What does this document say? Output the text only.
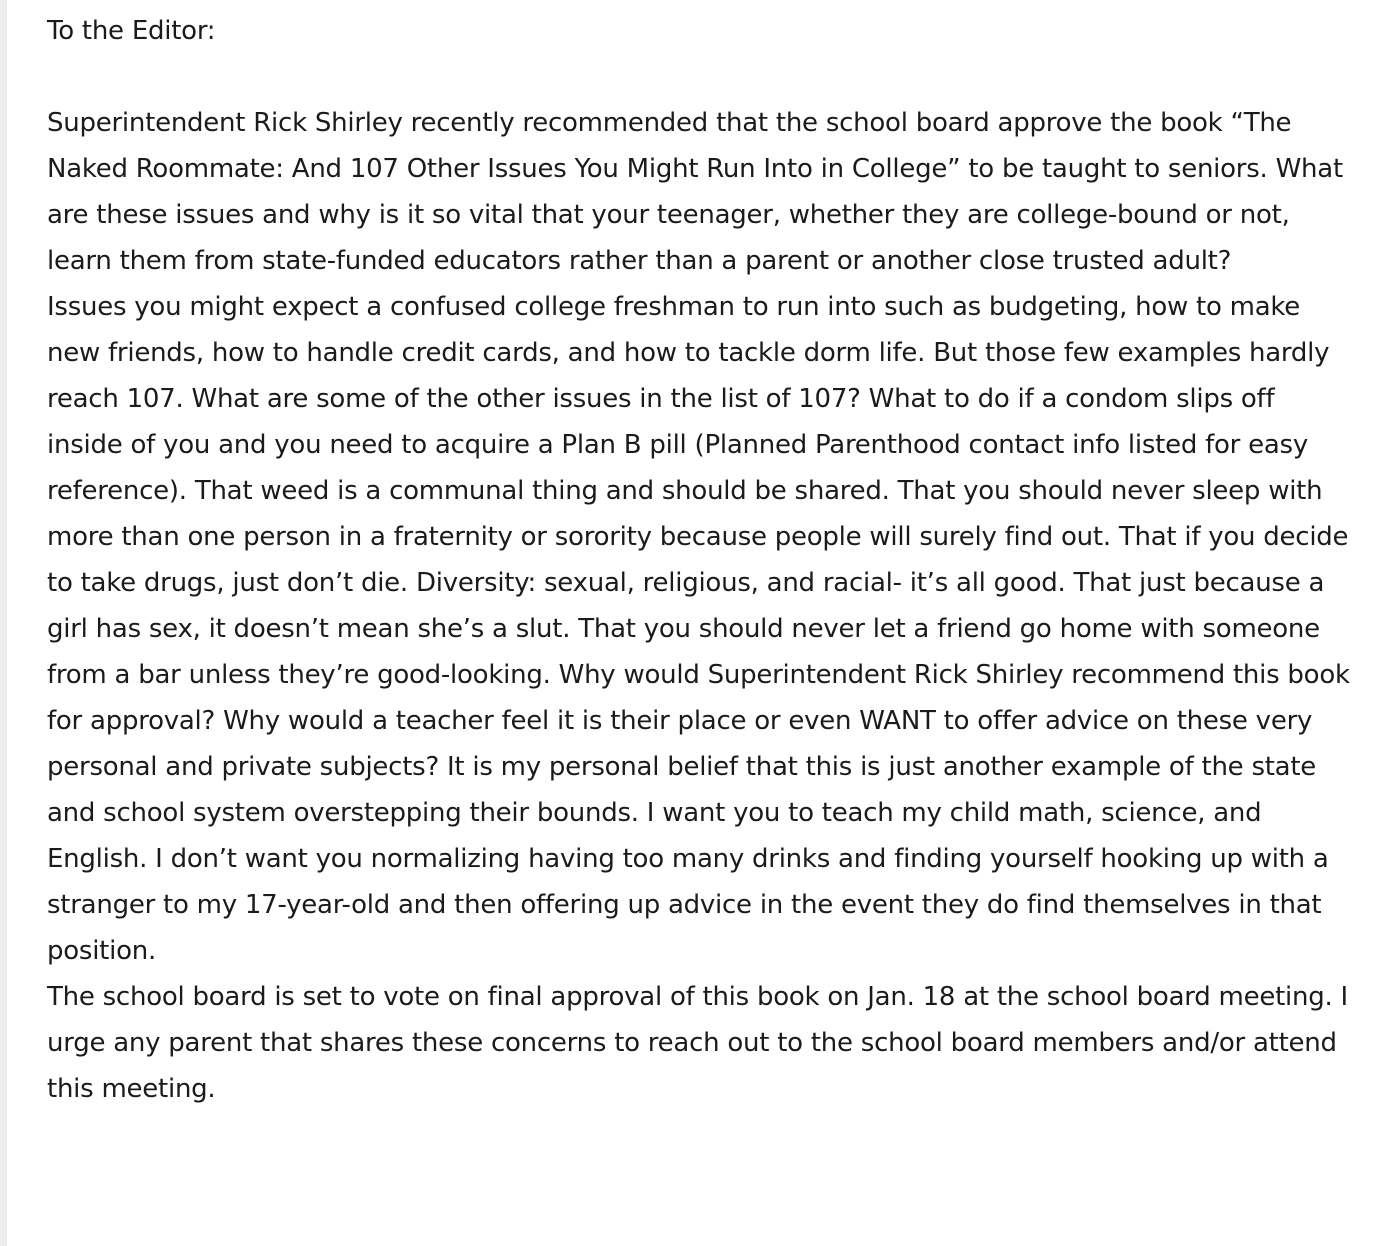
To the Editor:

Superintendent Rick Shirley recently recommended that the school board approve the book “The Naked Roommate: And 107 Other Issues You Might Run Into in College” to be taught to seniors. What are these issues and why is it so vital that your teenager, whether they are college-bound or not, learn them from state-funded educators rather than a parent or another close trusted adult?

Issues you might expect a confused college freshman to run into such as budgeting, how to make new friends, how to handle credit cards, and how to tackle dorm life. But those few examples hardly reach 107. What are some of the other issues in the list of 107? What to do if a condom slips off inside of you and you need to acquire a Plan B pill (Planned Parenthood contact info listed for easy reference). That weed is a communal thing and should be shared. That you should never sleep with more than one person in a fraternity or sorority because people will surely find out. That if you decide to take drugs, just don’t die. Diversity: sexual, religious, and racial- it’s all good. That just because a girl has sex, it doesn’t mean she’s a slut. That you should never let a friend go home with someone from a bar unless they’re good-looking. Why would Superintendent Rick Shirley recommend this book for approval? Why would a teacher feel it is their place or even WANT to offer advice on these very personal and private subjects? It is my personal belief that this is just another example of the state and school system overstepping their bounds. I want you to teach my child math, science, and English. I don’t want you normalizing having too many drinks and finding yourself hooking up with a stranger to my 17-year-old and then offering up advice in the event they do find themselves in that position.

The school board is set to vote on final approval of this book on Jan. 18 at the school board meeting. I urge any parent that shares these concerns to reach out to the school board members and/or attend this meeting.
